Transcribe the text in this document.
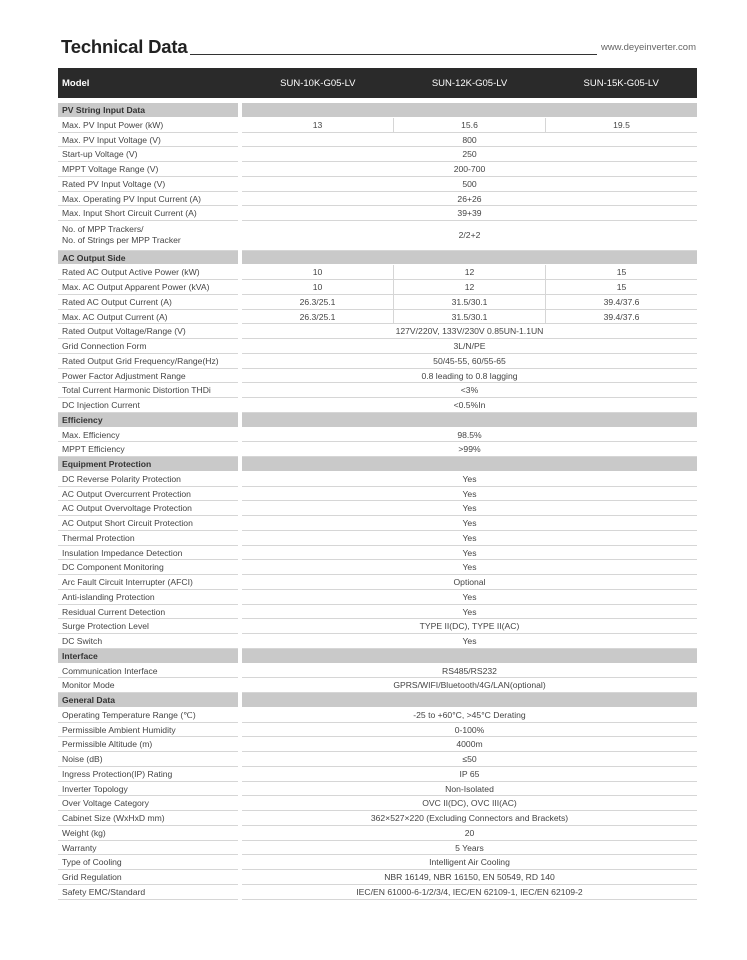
Technical Data	www.deyeinverter.com
Model	SUN-10K-G05-LV	SUN-12K-G05-LV	SUN-15K-G05-LV
PV String Input Data
Max. PV Input Power (kW)	13	15.6	19.5
Max. PV Input Voltage (V)	800
Start-up Voltage (V)	250
MPPT Voltage Range (V)	200-700
Rated PV Input Voltage (V)	500
Max. Operating PV Input Current (A)	26+26
Max. Input Short Circuit Current (A)	39+39
No. of MPP Trackers/
No. of Strings per MPP Tracker	2/2+2
AC Output Side
Rated AC Output Active Power (kW)	10	12	15
Max. AC Output Apparent Power (kVA)	10	12	15
Rated AC Output Current (A)	26.3/25.1	31.5/30.1	39.4/37.6
Max. AC Output Current (A)	26.3/25.1	31.5/30.1	39.4/37.6
Rated Output Voltage/Range (V)	127V/220V, 133V/230V 0.85UN-1.1UN
Grid Connection Form	3L/N/PE
Rated Output Grid Frequency/Range(Hz)	50/45-55, 60/55-65
Power Factor Adjustment Range	0.8 leading to 0.8 lagging
Total Current Harmonic Distortion THDi	<3%
DC Injection Current	<0.5%In
Efficiency
Max. Efficiency	98.5%
MPPT Efficiency	>99%
Equipment Protection
DC Reverse Polarity Protection	Yes
AC Output Overcurrent Protection	Yes
AC Output Overvoltage Protection	Yes
AC Output Short Circuit Protection	Yes
Thermal Protection	Yes
Insulation Impedance Detection	Yes
DC Component Monitoring	Yes
Arc Fault Circuit Interrupter (AFCI)	Optional
Anti-islanding Protection	Yes
Residual Current Detection	Yes
Surge Protection Level	TYPE II(DC), TYPE II(AC)
DC Switch	Yes
Interface
Communication Interface	RS485/RS232
Monitor Mode	GPRS/WIFI/Bluetooth/4G/LAN(optional)
General Data
Operating Temperature Range (℃)	-25 to +60°C, >45°C Derating
Permissible Ambient Humidity	0-100%
Permissible Altitude (m)	4000m
Noise (dB)	≤50
Ingress Protection(IP) Rating	IP 65
Inverter Topology	Non-Isolated
Over Voltage Category	OVC II(DC), OVC III(AC)
Cabinet Size (WxHxD mm)	362×527×220 (Excluding Connectors and Brackets)
Weight (kg)	20
Warranty	5 Years
Type of Cooling	Intelligent Air Cooling
Grid Regulation	NBR 16149, NBR 16150, EN 50549, RD 140
Safety EMC/Standard	IEC/EN 61000-6-1/2/3/4, IEC/EN 62109-1, IEC/EN 62109-2
